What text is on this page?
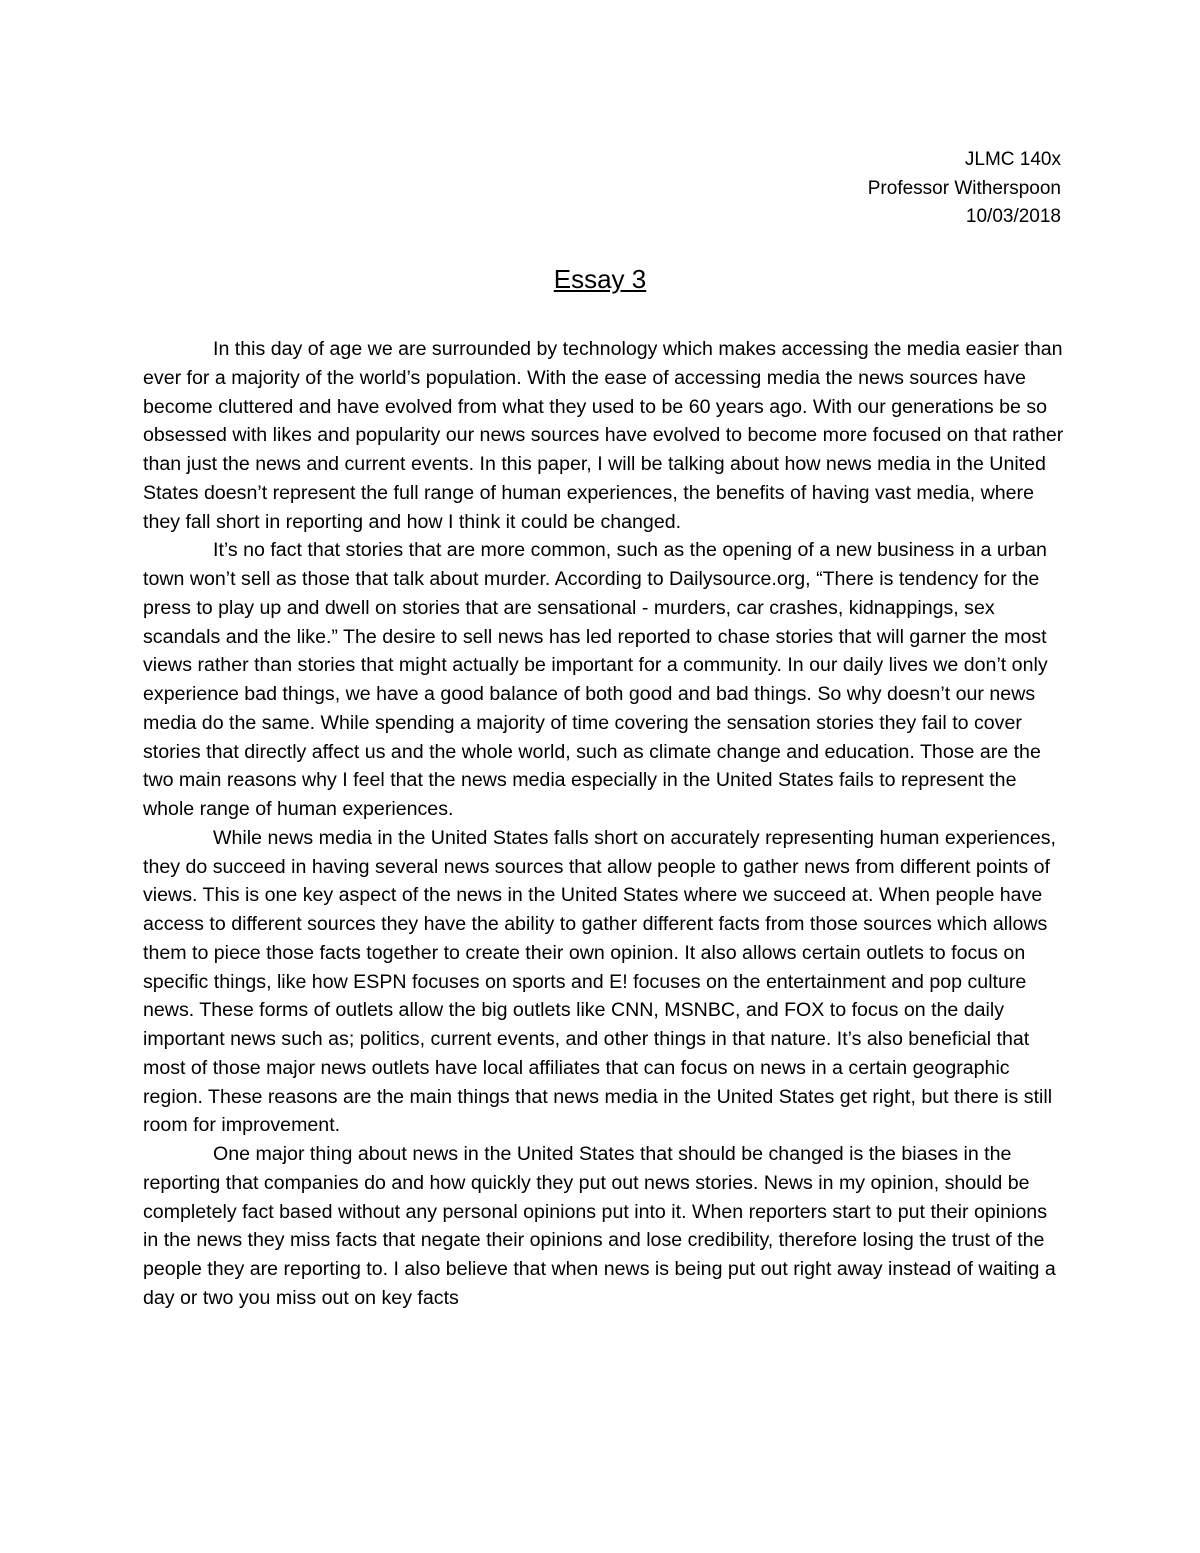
JLMC 140x
Professor Witherspoon
10/03/2018
Essay 3

In this day of age we are surrounded by technology which makes accessing the media easier than ever for a majority of the world’s population. With the ease of accessing media the news sources have become cluttered and have evolved from what they used to be 60 years ago. With our generations be so obsessed with likes and popularity our news sources have evolved to become more focused on that rather than just the news and current events. In this paper, I will be talking about how news media in the United States doesn’t represent the full range of human experiences, the benefits of having vast media, where they fall short in reporting and how I think it could be changed.

It’s no fact that stories that are more common, such as the opening of a new business in a urban town won’t sell as those that talk about murder. According to Dailysource.org, “There is tendency for the press to play up and dwell on stories that are sensational - murders, car crashes, kidnappings, sex scandals and the like.” The desire to sell news has led reported to chase stories that will garner the most views rather than stories that might actually be important for a community. In our daily lives we don’t only experience bad things, we have a good balance of both good and bad things. So why doesn’t our news media do the same. While spending a majority of time covering the sensation stories they fail to cover stories that directly affect us and the whole world, such as climate change and education. Those are the two main reasons why I feel that the news media especially in the United States fails to represent the whole range of human experiences.

While news media in the United States falls short on accurately representing human experiences, they do succeed in having several news sources that allow people to gather news from different points of views. This is one key aspect of the news in the United States where we succeed at. When people have access to different sources they have the ability to gather different facts from those sources which allows them to piece those facts together to create their own opinion. It also allows certain outlets to focus on specific things, like how ESPN focuses on sports and E! focuses on the entertainment and pop culture news. These forms of outlets allow the big outlets like CNN, MSNBC, and FOX to focus on the daily important news such as; politics, current events, and other things in that nature. It’s also beneficial that most of those major news outlets have local affiliates that can focus on news in a certain geographic region. These reasons are the main things that news media in the United States get right, but there is still room for improvement.

One major thing about news in the United States that should be changed is the biases in the reporting that companies do and how quickly they put out news stories. News in my opinion, should be completely fact based without any personal opinions put into it. When reporters start to put their opinions in the news they miss facts that negate their opinions and lose credibility, therefore losing the trust of the people they are reporting to. I also believe that when news is being put out right away instead of waiting a day or two you miss out on key facts
